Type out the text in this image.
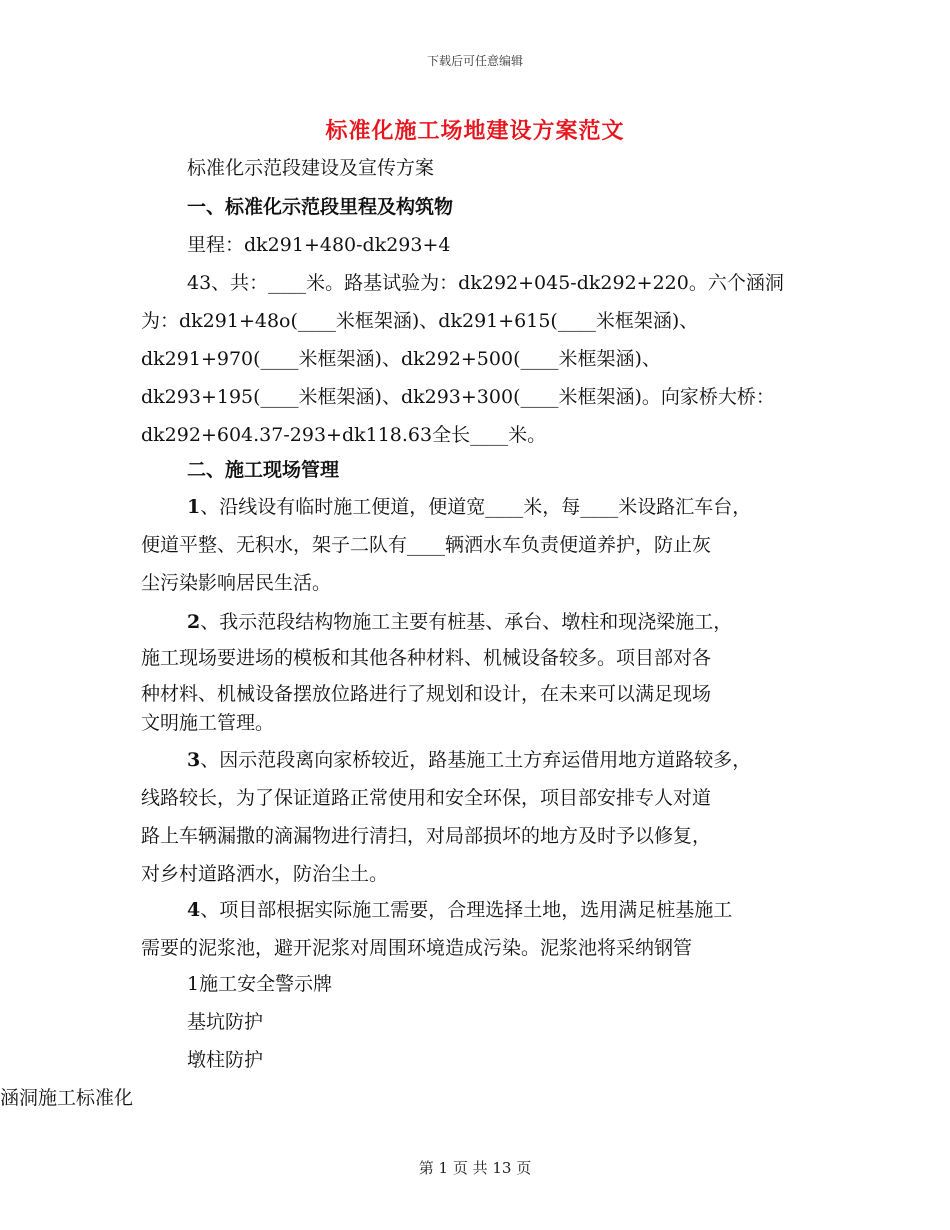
下载后可任意编辑
标准化施工场地建设方案范文
标准化示范段建设及宣传方案
一、标准化示范段里程及构筑物
里程：dk291+480-dk293+4
43、共：____米。路基试验为：dk292+045-dk292+220。六个涵洞
为：dk291+48o(____米框架涵)、dk291+615(____米框架涵)、
dk291+970(____米框架涵)、dk292+500(____米框架涵)、
dk293+195(____米框架涵)、dk293+300(____米框架涵)。向家桥大桥：
dk292+604.37-293+dk118.63全长____米。
二、施工现场管理
1、沿线设有临时施工便道，便道宽____米，每____米设路汇车台，
便道平整、无积水，架子二队有____辆洒水车负责便道养护，防止灰
尘污染影响居民生活。
2、我示范段结构物施工主要有桩基、承台、墩柱和现浇梁施工，
施工现场要进场的模板和其他各种材料、机械设备较多。项目部对各
种材料、机械设备摆放位路进行了规划和设计，在未来可以满足现场
文明施工管理。
3、因示范段离向家桥较近，路基施工土方弃运借用地方道路较多，
线路较长，为了保证道路正常使用和安全环保，项目部安排专人对道
路上车辆漏撒的滴漏物进行清扫，对局部损坏的地方及时予以修复，
对乡村道路洒水，防治尘土。
4、项目部根据实际施工需要，合理选择土地，选用满足桩基施工
需要的泥浆池，避开泥浆对周围环境造成污染。泥浆池将采纳钢管
1施工安全警示牌
基坑防护
墩柱防护
第 1 页 共 13 页
涵洞施工标准化
